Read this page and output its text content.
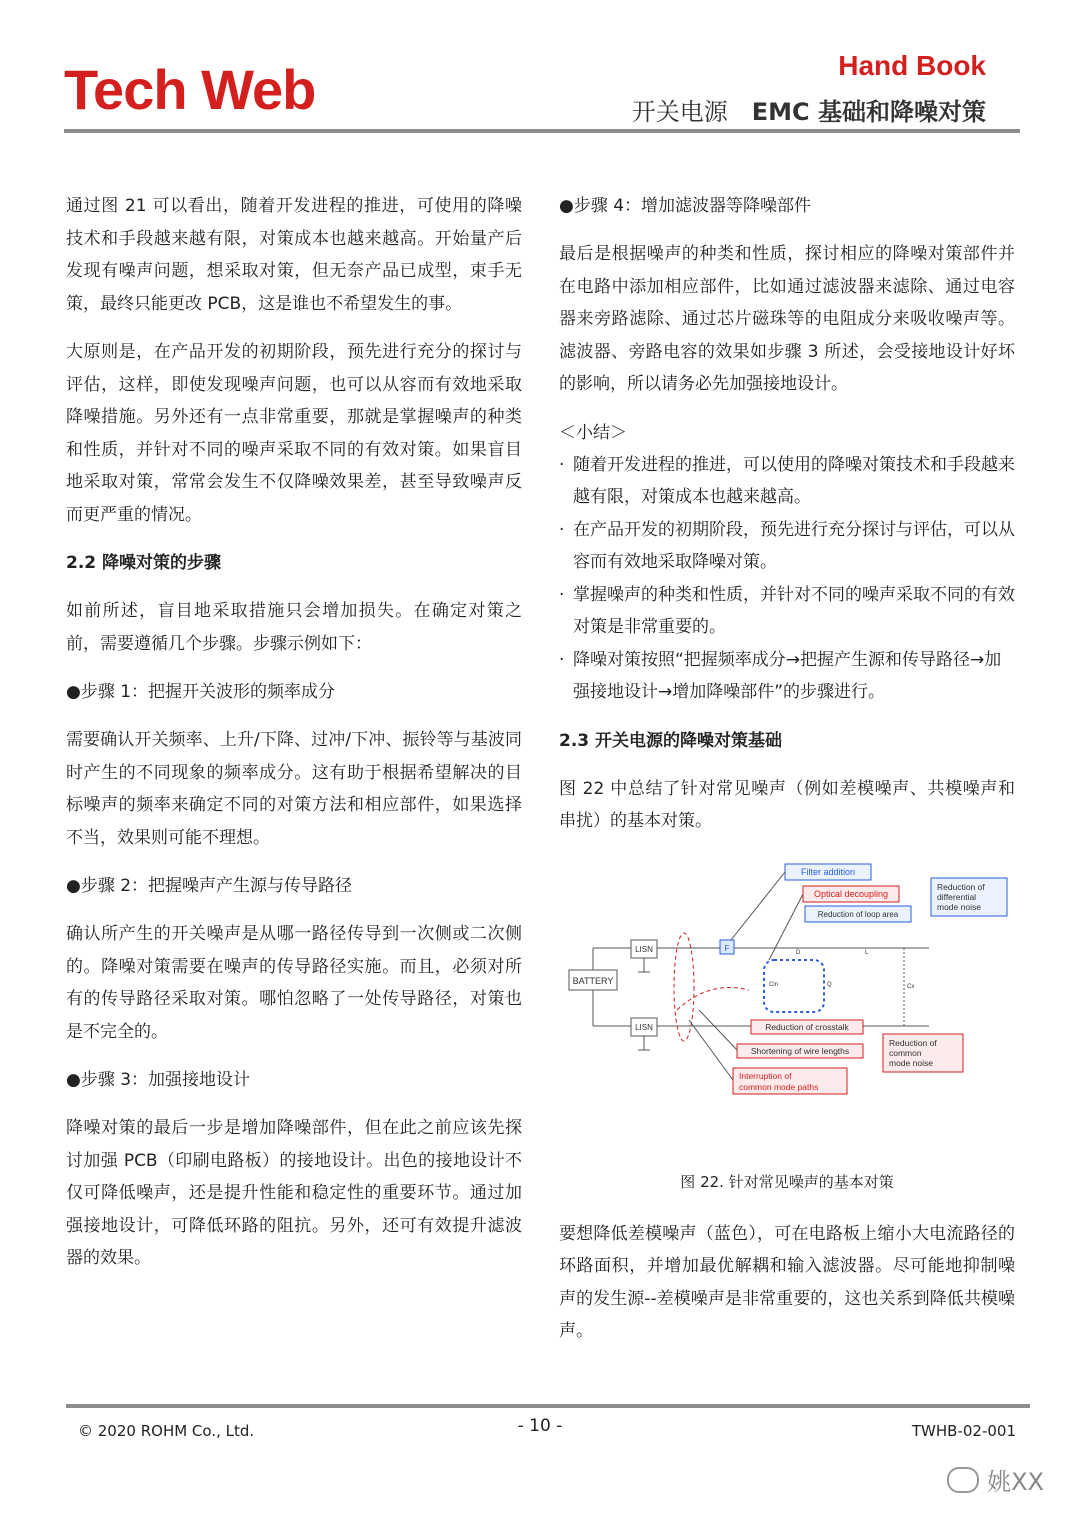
Tech Web	Hand Book
开关电源 EMC 基础和降噪对策

通过图 21 可以看出，随着开发进程的推进，可使用的降噪技术和手段越来越有限，对策成本也越来越高。开始量产后发现有噪声问题，想采取对策，但无奈产品已成型，束手无策，最终只能更改 PCB，这是谁也不希望发生的事。

大原则是，在产品开发的初期阶段，预先进行充分的探讨与评估，这样，即使发现噪声问题，也可以从容而有效地采取降噪措施。另外还有一点非常重要，那就是掌握噪声的种类和性质，并针对不同的噪声采取不同的有效对策。如果盲目地采取对策，常常会发生不仅降噪效果差，甚至导致噪声反而更严重的情况。

2.2 降噪对策的步骤

如前所述，盲目地采取措施只会增加损失。在确定对策之前，需要遵循几个步骤。步骤示例如下：

●步骤 1：把握开关波形的频率成分

需要确认开关频率、上升/下降、过冲/下冲、振铃等与基波同时产生的不同现象的频率成分。这有助于根据希望解决的目标噪声的频率来确定不同的对策方法和相应部件，如果选择不当，效果则可能不理想。

●步骤 2：把握噪声产生源与传导路径

确认所产生的开关噪声是从哪一路径传导到一次侧或二次侧的。降噪对策需要在噪声的传导路径实施。而且，必须对所有的传导路径采取对策。哪怕忽略了一处传导路径，对策也是不完全的。

●步骤 3：加强接地设计

降噪对策的最后一步是增加降噪部件，但在此之前应该先探讨加强 PCB（印刷电路板）的接地设计。出色的接地设计不仅可降低噪声，还是提升性能和稳定性的重要环节。通过加强接地设计，可降低环路的阻抗。另外，还可有效提升滤波器的效果。

●步骤 4：增加滤波器等降噪部件

最后是根据噪声的种类和性质，探讨相应的降噪对策部件并在电路中添加相应部件，比如通过滤波器来滤除、通过电容器来旁路滤除、通过芯片磁珠等的电阻成分来吸收噪声等。滤波器、旁路电容的效果如步骤 3 所述，会受接地设计好坏的影响，所以请务必先加强接地设计。

＜小结＞

· 随着开发进程的推进，可以使用的降噪对策技术和手段越来越有限，对策成本也越来越高。
· 在产品开发的初期阶段，预先进行充分探讨与评估，可以从容而有效地采取降噪对策。
· 掌握噪声的种类和性质，并针对不同的噪声采取不同的有效对策是非常重要的。
· 降噪对策按照“把握频率成分→把握产生源和传导路径→加强接地设计→增加降噪部件”的步骤进行。

2.3 开关电源的降噪对策基础

图 22 中总结了针对常见噪声（例如差模噪声、共模噪声和串扰）的基本对策。

BATTERY
LISN
LISN
F
Cin
D
Q
L
Cx
Filter addition
Optical decoupling
Reduction of loop area
Reduction of
differential
mode noise
Reduction of crosstalk
Shortening of wire lengths
Interruption of
common mode paths
Reduction of
common
mode noise

图 22. 针对常见噪声的基本对策

要想降低差模噪声（蓝色），可在电路板上缩小大电流路径的环路面积，并增加最优解耦和输入滤波器。尽可能地抑制噪声的发生源--差模噪声是非常重要的，这也关系到降低共模噪声。

© 2020 ROHM Co., Ltd.	- 10 -	TWHB-02-001
姚XX
